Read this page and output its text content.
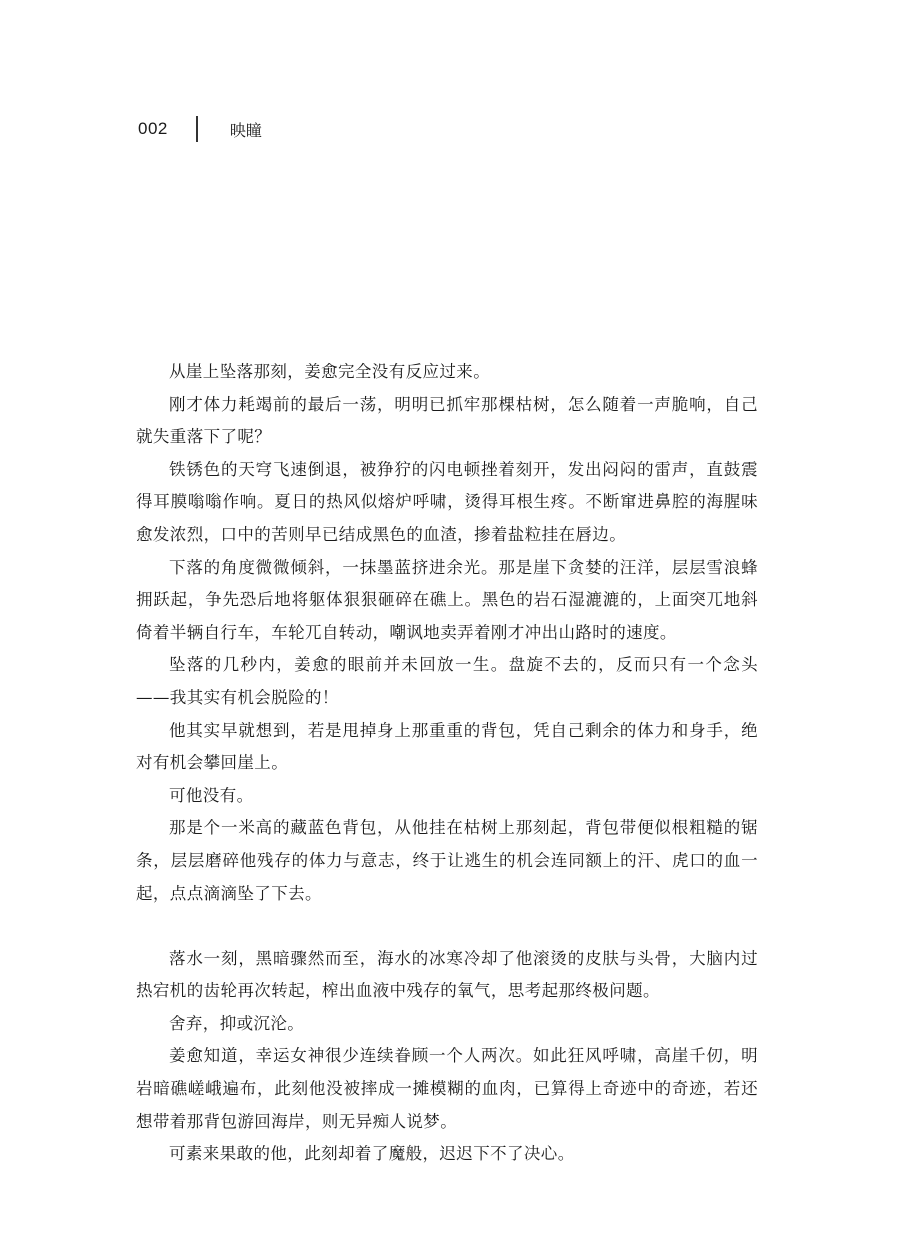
002	映瞳

从崖上坠落那刻，姜愈完全没有反应过来。

刚才体力耗竭前的最后一荡，明明已抓牢那棵枯树，怎么随着一声脆响，自己就失重落下了呢？

铁锈色的天穹飞速倒退，被狰狞的闪电顿挫着刻开，发出闷闷的雷声，直鼓震得耳膜嗡嗡作响。夏日的热风似熔炉呼啸，烫得耳根生疼。不断窜进鼻腔的海腥味愈发浓烈，口中的苦则早已结成黑色的血渣，掺着盐粒挂在唇边。

下落的角度微微倾斜，一抹墨蓝挤进余光。那是崖下贪婪的汪洋，层层雪浪蜂拥跃起，争先恐后地将躯体狠狠砸碎在礁上。黑色的岩石湿漉漉的，上面突兀地斜倚着半辆自行车，车轮兀自转动，嘲讽地卖弄着刚才冲出山路时的速度。

坠落的几秒内，姜愈的眼前并未回放一生。盘旋不去的，反而只有一个念头——我其实有机会脱险的！

他其实早就想到，若是甩掉身上那重重的背包，凭自己剩余的体力和身手，绝对有机会攀回崖上。

可他没有。

那是个一米高的藏蓝色背包，从他挂在枯树上那刻起，背包带便似根粗糙的锯条，层层磨碎他残存的体力与意志，终于让逃生的机会连同额上的汗、虎口的血一起，点点滴滴坠了下去。

落水一刻，黑暗骤然而至，海水的冰寒冷却了他滚烫的皮肤与头骨，大脑内过热宕机的齿轮再次转起，榨出血液中残存的氧气，思考起那终极问题。

舍弃，抑或沉沦。

姜愈知道，幸运女神很少连续眷顾一个人两次。如此狂风呼啸，高崖千仞，明岩暗礁嵯峨遍布，此刻他没被摔成一摊模糊的血肉，已算得上奇迹中的奇迹，若还想带着那背包游回海岸，则无异痴人说梦。

可素来果敢的他，此刻却着了魔般，迟迟下不了决心。
